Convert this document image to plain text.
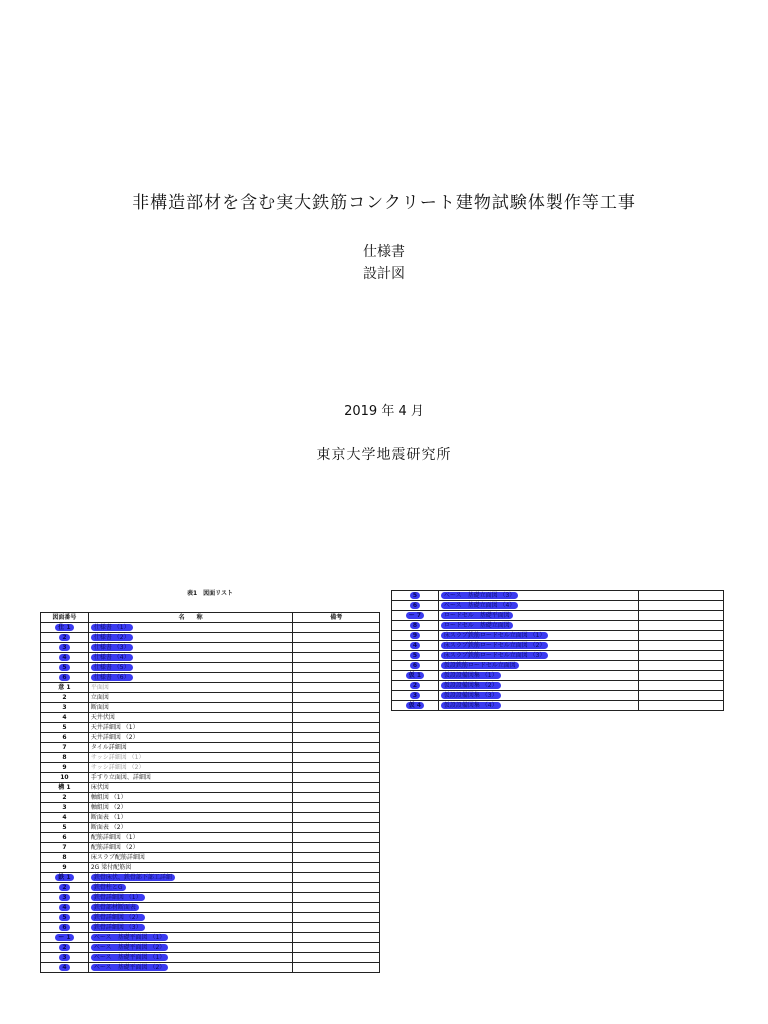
非構造部材を含む実大鉄筋コンクリート建物試験体製作等工事
仕様書
設計図
2019 年 4 月
東京大学地震研究所
表1　図面リスト
図面番号	名　　称	備考
仕 1	仕様書 （1）	
2	仕様書 （2）	
3	仕様書 （3）	
4	仕様書 （4）	
5	仕様書 （5）	
6	仕様書 （6）	
意 1	平面図	
2	立面図	
3	断面図	
4	天井伏図	
5	天井詳細図 （1）	
6	天井詳細図 （2）	
7	タイル詳細図	
8	サッシ詳細図 （1）	
9	サッシ詳細図 （2）	
10	手すり立面図、詳細図	
構 1	床伏図	
2	軸組図 （1）	
3	軸組図 （2）	
4	断面表 （1）	
5	断面表 （2）	
6	配筋詳細図 （1）	
7	配筋詳細図 （2）	
8	床スラブ配筋詳細図	
9	2G 梁付配筋図	
鉄 1	鉄骨床伏、鉄骨部下部工詳細	
2	鉄骨柱とG	
3	鉄骨詳細図 （1）	
4	鉄骨部材断面表	
5	鉄骨詳細図 （2）	
6	鉄骨詳細図 （3）	
ー 1	ベース　基礎平面図 （1）	
2	ベース　基礎平面図 （2）	
3	ベース　基礎平面図 （1）	
4	ベース　基礎平面図 （2）	
5	ベース　基礎立面図 （3）	
6	ベース　基礎立面図 （4）	
ー 7	ロードセル　基礎平面図	
8	ロードセル　基礎立面図	
9	床スラブ鉄筋ロードセル立面図 （1）	
4	床スラブ鉄筋ロードセル立面図 （2）	
5	床スラブ鉄筋ロードセル立面図 （3）	
6	仮設鉄筋ロードセル立面図	
仮 1	仮設設備図集 （1）	
2	仮設設備図集 （2）	
3	仮設設備図集 （3）	
仮 4	仮設設備図集 （4）	
